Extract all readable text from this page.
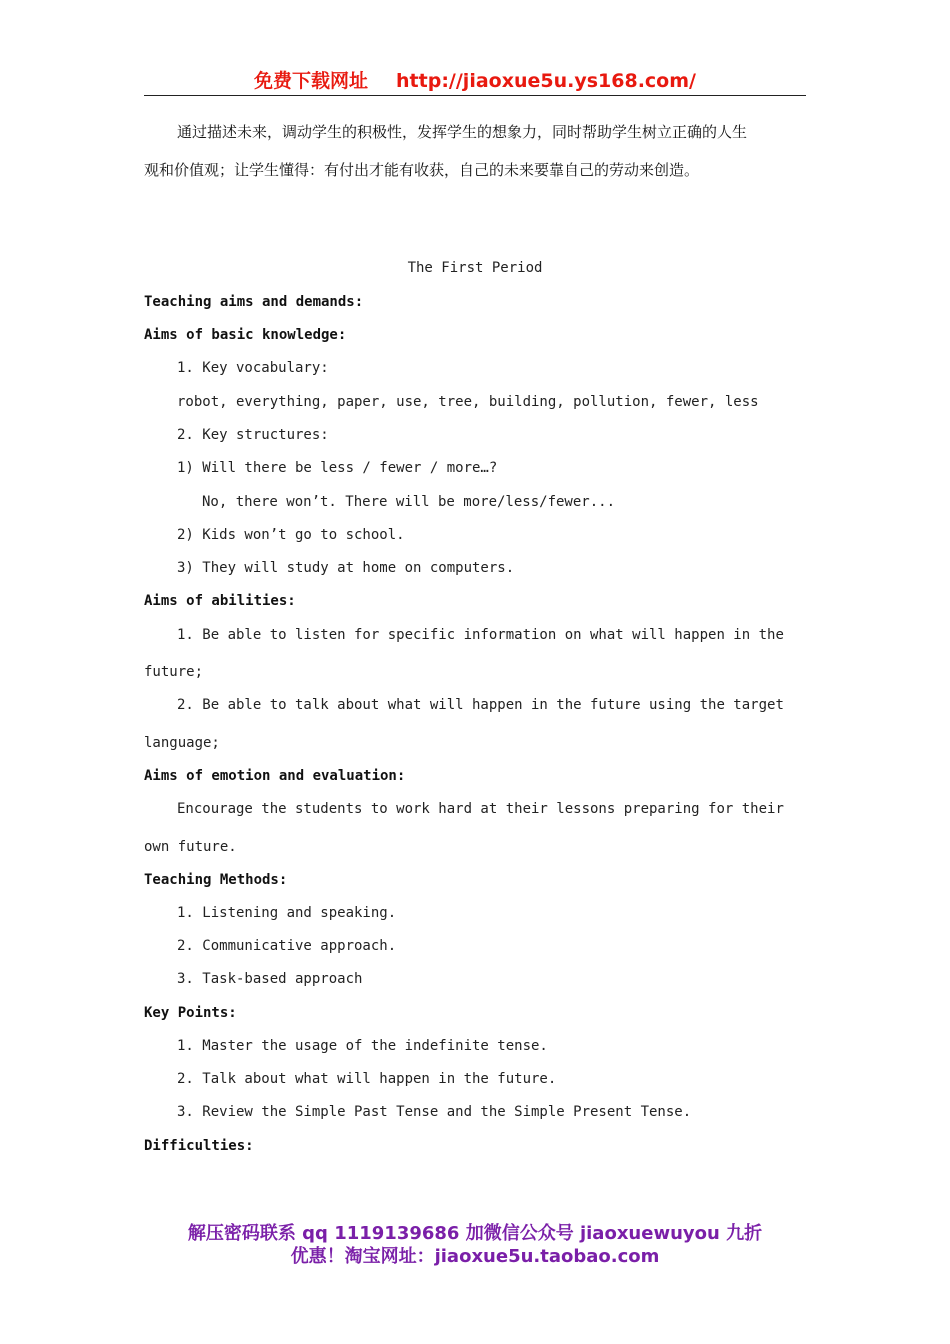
免费下载网址 http://jiaoxue5u.ys168.com/
通过描述未来，调动学生的积极性，发挥学生的想象力，同时帮助学生树立正确的人生
观和价值观；让学生懂得：有付出才能有收获，自己的未来要靠自己的劳动来创造。
The First Period
Teaching aims and demands:
Aims of basic knowledge:
1. Key vocabulary:
robot, everything, paper, use, tree, building, pollution, fewer, less
2. Key structures:
1) Will there be less / fewer / more…?
No, there won’t. There will be more/less/fewer...
2) Kids won’t go to school.
3) They will study at home on computers.
Aims of abilities:
1. Be able to listen for specific information on what will happen in the
future;
2. Be able to talk about what will happen in the future using the target
language;
Aims of emotion and evaluation:
Encourage the students to work hard at their lessons preparing for their
own future.
Teaching Methods:
1. Listening and speaking.
2. Communicative approach.
3. Task-based approach
Key Points:
1. Master the usage of the indefinite tense.
2. Talk about what will happen in the future.
3. Review the Simple Past Tense and the Simple Present Tense.
Difficulties:
解压密码联系 qq 1119139686 加微信公众号 jiaoxuewuyou 九折
优惠！淘宝网址：jiaoxue5u.taobao.com
